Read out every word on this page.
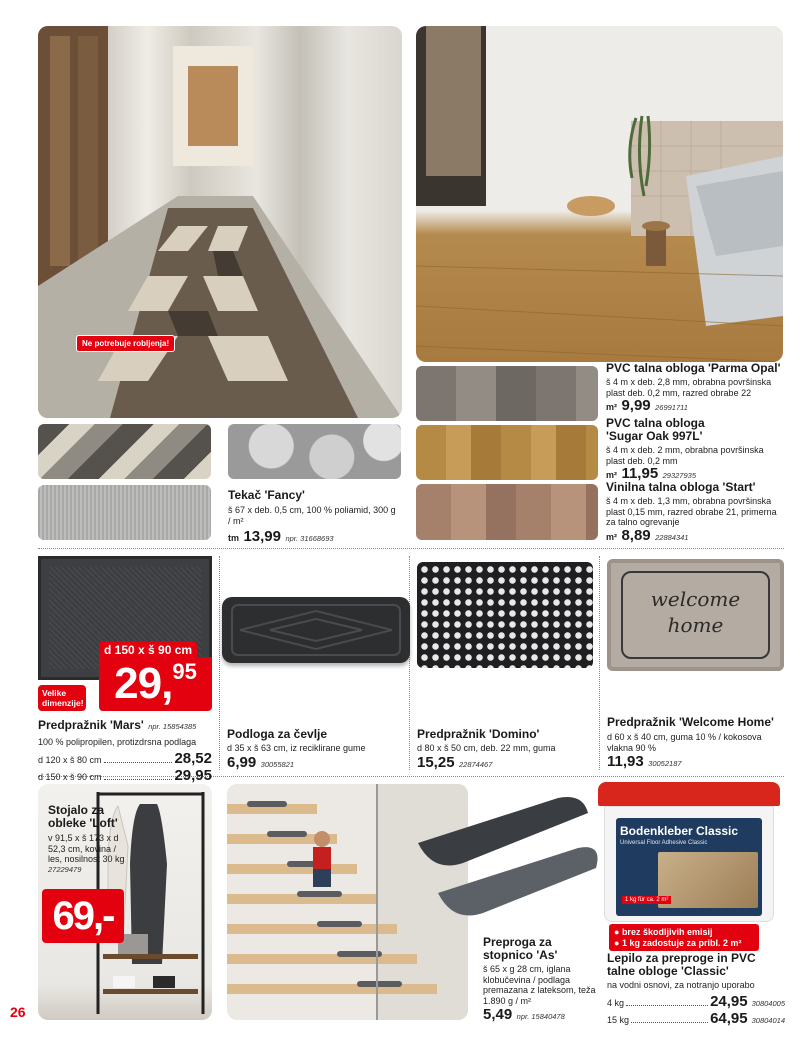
Ne potrebuje robljenja!
Tekač 'Fancy'
š 67 x deb. 0,5 cm, 100 % poliamid, 300 g / m²
tm 13,99 npr. 31668693
PVC talna obloga 'Parma Opal'
š 4 m x deb. 2,8 mm, obrabna površinska plast deb. 0,2 mm, razred obrabe 22
m² 9,99 26991711
PVC talna obloga 'Sugar Oak 997L'
š 4 m x deb. 2 mm, obrabna površinska plast deb. 0,2 mm
m² 11,95 29327935
Vinilna talna obloga 'Start'
š 4 m x deb. 1,3 mm, obrabna površinska plast 0,15 mm, razred obrabe 21, primerna za talno ogrevanje
m² 8,89 22884341
d 150 x š 90 cm
29,95
Velike dimenzije!
Predpražnik 'Mars' npr. 15854385
100 % polipropilen, protizdrsna podlaga
d 120 x š 80 cm	28,52
d 150 x š 90 cm	29,95
Podloga za čevlje
d 35 x š 63 cm, iz reciklirane gume
6,99 30055821
Predpražnik 'Domino'
d 80 x š 50 cm, deb. 22 mm, guma
15,25 22874467
welcome
home
Predpražnik 'Welcome Home'
d 60 x š 40 cm, guma 10 % / kokosova vlakna 90 %
11,93 30052187
Stojalo za obleke 'Loft'
v 91,5 x š 173 x d 52,3 cm, kovina / les, nosilnost 30 kg
27229479
69,-
Preproga za stopnico 'As'
š 65 x g 28 cm, iglana klobučevina / podlaga premazana z lateksom, teža 1.890 g / m²
5,49 npr. 15840478
Bodenkleber Classic
Universal Floor Adhesive Classic
1 kg für ca. 2 m²
● brez škodljivih emisij
● 1 kg zadostuje za pribl. 2 m²
Lepilo za preproge in PVC talne obloge 'Classic'
na vodni osnovi, za notranjo uporabo
4 kg	24,95 30804005
15 kg	64,95 30804014
26
